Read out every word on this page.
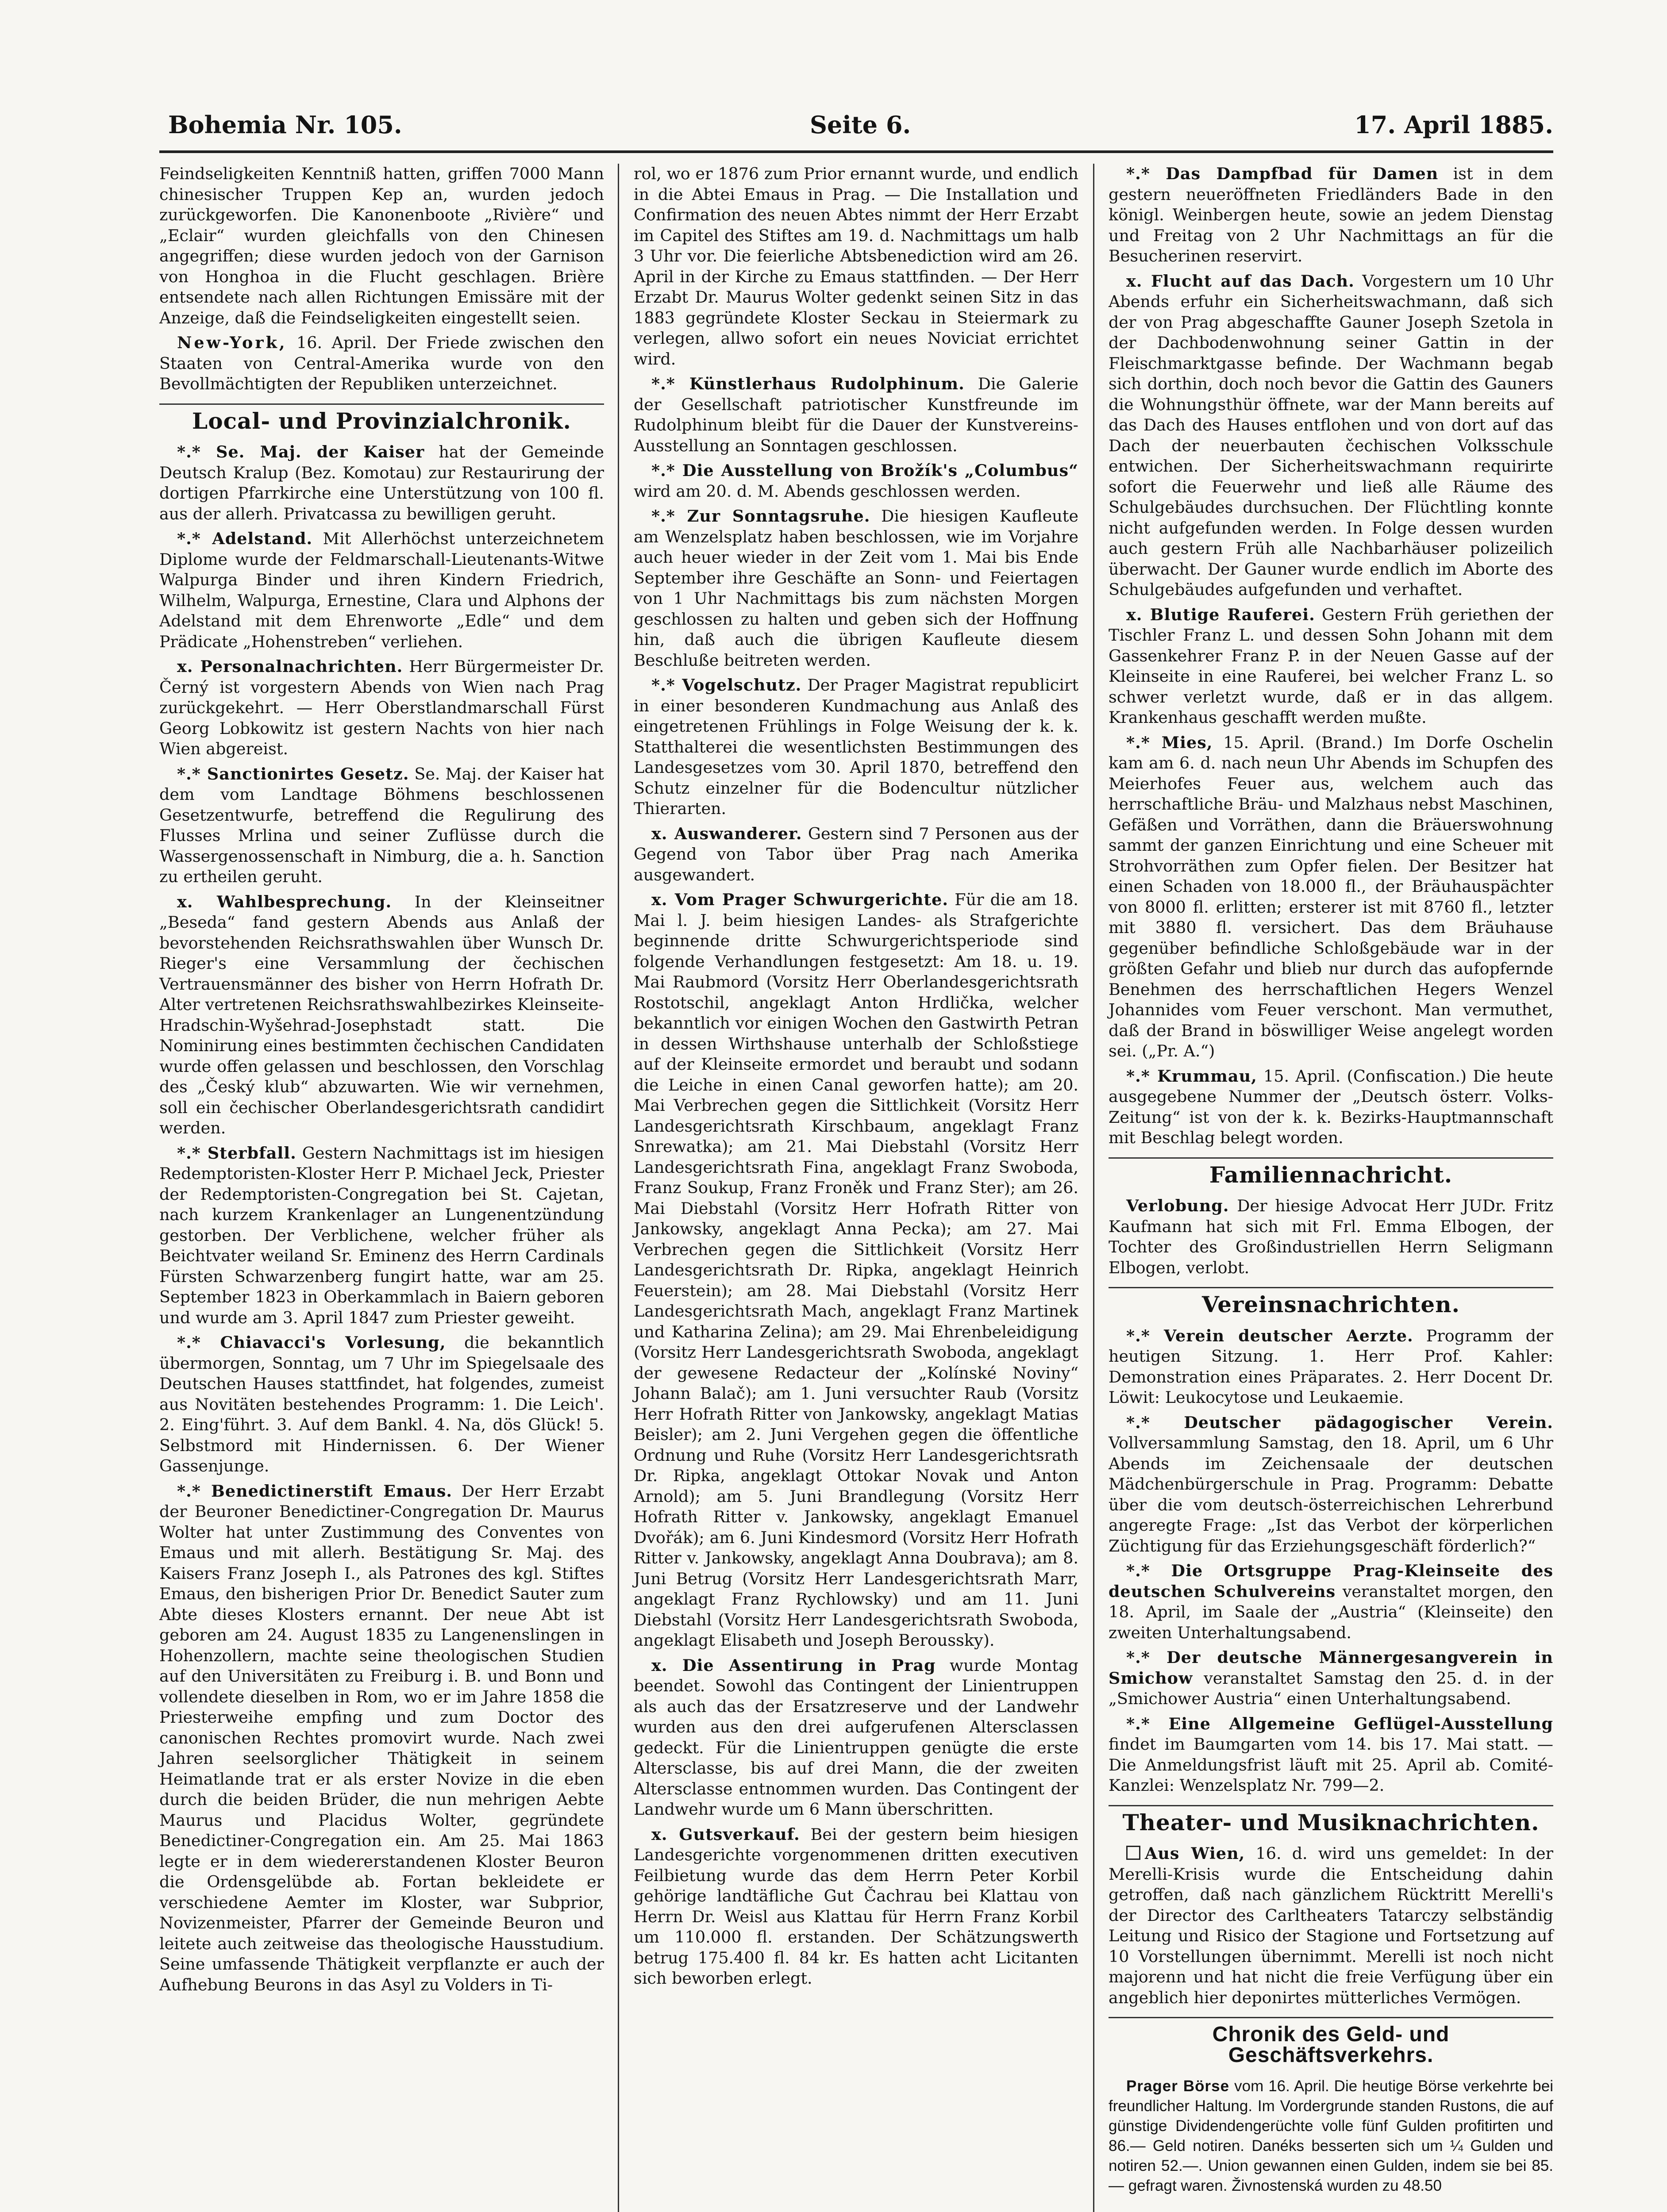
Bohemia Nr. 105.	Seite 6.	17. April 1885.

Feindseligkeiten Kenntniß hatten, griffen 7000 Mann chinesischer Truppen Kep an, wurden jedoch zurückgeworfen. Die Kanonenboote „Rivière“ und „Eclair“ wurden gleichfalls von den Chinesen angegriffen; diese wurden jedoch von der Garnison von Honghoa in die Flucht geschlagen. Brière entsendete nach allen Richtungen Emissäre mit der Anzeige, daß die Feindseligkeiten eingestellt seien.

New-York, 16. April. Der Friede zwischen den Staaten von Central-Amerika wurde von den Bevollmächtigten der Republiken unterzeichnet.

Local- und Provinzialchronik.

*.* Se. Maj. der Kaiser hat der Gemeinde Deutsch Kralup (Bez. Komotau) zur Restaurirung der dortigen Pfarrkirche eine Unterstützung von 100 fl. aus der allerh. Privatcassa zu bewilligen geruht.

*.* Adelstand. Mit Allerhöchst unterzeichnetem Diplome wurde der Feldmarschall-Lieutenants-Witwe Walpurga Binder und ihren Kindern Friedrich, Wilhelm, Walpurga, Ernestine, Clara und Alphons der Adelstand mit dem Ehrenworte „Edle“ und dem Prädicate „Hohenstreben“ verliehen.

x. Personalnachrichten. Herr Bürgermeister Dr. Černý ist vorgestern Abends von Wien nach Prag zurückgekehrt. — Herr Oberstlandmarschall Fürst Georg Lobkowitz ist gestern Nachts von hier nach Wien abgereist.

*.* Sanctionirtes Gesetz. Se. Maj. der Kaiser hat dem vom Landtage Böhmens beschlossenen Gesetzentwurfe, betreffend die Regulirung des Flusses Mrlina und seiner Zuflüsse durch die Wassergenossenschaft in Nimburg, die a. h. Sanction zu ertheilen geruht.

x. Wahlbesprechung. In der Kleinseitner „Beseda“ fand gestern Abends aus Anlaß der bevorstehenden Reichsrathswahlen über Wunsch Dr. Rieger's eine Versammlung der čechischen Vertrauensmänner des bisher von Herrn Hofrath Dr. Alter vertretenen Reichsrathswahlbezirkes Kleinseite-Hradschin-Wyšehrad-Josephstadt statt. Die Nominirung eines bestimmten čechischen Candidaten wurde offen gelassen und beschlossen, den Vorschlag des „Český klub“ abzuwarten. Wie wir vernehmen, soll ein čechischer Oberlandesgerichtsrath candidirt werden.

*.* Sterbfall. Gestern Nachmittags ist im hiesigen Redemptoristen-Kloster Herr P. Michael Jeck, Priester der Redemptoristen-Congregation bei St. Cajetan, nach kurzem Krankenlager an Lungenentzündung gestorben. Der Verblichene, welcher früher als Beichtvater weiland Sr. Eminenz des Herrn Cardinals Fürsten Schwarzenberg fungirt hatte, war am 25. September 1823 in Oberkammlach in Baiern geboren und wurde am 3. April 1847 zum Priester geweiht.

*.* Chiavacci's Vorlesung, die bekanntlich übermorgen, Sonntag, um 7 Uhr im Spiegelsaale des Deutschen Hauses stattfindet, hat folgendes, zumeist aus Novitäten bestehendes Programm: 1. Die Leich'. 2. Eing'führt. 3. Auf dem Bankl. 4. Na, dös Glück! 5. Selbstmord mit Hindernissen. 6. Der Wiener Gassenjunge.

*.* Benedictinerstift Emaus. Der Herr Erzabt der Beuroner Benedictiner-Congregation Dr. Maurus Wolter hat unter Zustimmung des Conventes von Emaus und mit allerh. Bestätigung Sr. Maj. des Kaisers Franz Joseph I., als Patrones des kgl. Stiftes Emaus, den bisherigen Prior Dr. Benedict Sauter zum Abte dieses Klosters ernannt. Der neue Abt ist geboren am 24. August 1835 zu Langenenslingen in Hohenzollern, machte seine theologischen Studien auf den Universitäten zu Freiburg i. B. und Bonn und vollendete dieselben in Rom, wo er im Jahre 1858 die Priesterweihe empfing und zum Doctor des canonischen Rechtes promovirt wurde. Nach zwei Jahren seelsorglicher Thätigkeit in seinem Heimatlande trat er als erster Novize in die eben durch die beiden Brüder, die nun mehrigen Aebte Maurus und Placidus Wolter, gegründete Benedictiner-Congregation ein. Am 25. Mai 1863 legte er in dem wiedererstandenen Kloster Beuron die Ordensgelübde ab. Fortan bekleidete er verschiedene Aemter im Kloster, war Subprior, Novizenmeister, Pfarrer der Gemeinde Beuron und leitete auch zeitweise das theologische Hausstudium. Seine umfassende Thätigkeit verpflanzte er auch der Aufhebung Beurons in das Asyl zu Volders in Ti-

rol, wo er 1876 zum Prior ernannt wurde, und endlich in die Abtei Emaus in Prag. — Die Installation und Confirmation des neuen Abtes nimmt der Herr Erzabt im Capitel des Stiftes am 19. d. Nachmittags um halb 3 Uhr vor. Die feierliche Abtsbenediction wird am 26. April in der Kirche zu Emaus stattfinden. — Der Herr Erzabt Dr. Maurus Wolter gedenkt seinen Sitz in das 1883 gegründete Kloster Seckau in Steiermark zu verlegen, allwo sofort ein neues Noviciat errichtet wird.

*.* Künstlerhaus Rudolphinum. Die Galerie der Gesellschaft patriotischer Kunstfreunde im Rudolphinum bleibt für die Dauer der Kunstvereins-Ausstellung an Sonntagen geschlossen.

*.* Die Ausstellung von Brožík's „Columbus“ wird am 20. d. M. Abends geschlossen werden.

*.* Zur Sonntagsruhe. Die hiesigen Kaufleute am Wenzelsplatz haben beschlossen, wie im Vorjahre auch heuer wieder in der Zeit vom 1. Mai bis Ende September ihre Geschäfte an Sonn- und Feiertagen von 1 Uhr Nachmittags bis zum nächsten Morgen geschlossen zu halten und geben sich der Hoffnung hin, daß auch die übrigen Kaufleute diesem Beschluße beitreten werden.

*.* Vogelschutz. Der Prager Magistrat republicirt in einer besonderen Kundmachung aus Anlaß des eingetretenen Frühlings in Folge Weisung der k. k. Statthalterei die wesentlichsten Bestimmungen des Landesgesetzes vom 30. April 1870, betreffend den Schutz einzelner für die Bodencultur nützlicher Thierarten.

x. Auswanderer. Gestern sind 7 Personen aus der Gegend von Tabor über Prag nach Amerika ausgewandert.

x. Vom Prager Schwurgerichte. Für die am 18. Mai l. J. beim hiesigen Landes- als Strafgerichte beginnende dritte Schwurgerichtsperiode sind folgende Verhandlungen festgesetzt: Am 18. u. 19. Mai Raubmord (Vorsitz Herr Oberlandesgerichtsrath Rostotschil, angeklagt Anton Hrdlička, welcher bekanntlich vor einigen Wochen den Gastwirth Petran in dessen Wirthshause unterhalb der Schloßstiege auf der Kleinseite ermordet und beraubt und sodann die Leiche in einen Canal geworfen hatte); am 20. Mai Verbrechen gegen die Sittlichkeit (Vorsitz Herr Landesgerichtsrath Kirschbaum, angeklagt Franz Snrewatka); am 21. Mai Diebstahl (Vorsitz Herr Landesgerichtsrath Fina, angeklagt Franz Swoboda, Franz Soukup, Franz Froněk und Franz Ster); am 26. Mai Diebstahl (Vorsitz Herr Hofrath Ritter von Jankowsky, angeklagt Anna Pecka); am 27. Mai Verbrechen gegen die Sittlichkeit (Vorsitz Herr Landesgerichtsrath Dr. Ripka, angeklagt Heinrich Feuerstein); am 28. Mai Diebstahl (Vorsitz Herr Landesgerichtsrath Mach, angeklagt Franz Martinek und Katharina Zelina); am 29. Mai Ehrenbeleidigung (Vorsitz Herr Landesgerichtsrath Swoboda, angeklagt der gewesene Redacteur der „Kolínské Noviny“ Johann Balač); am 1. Juni versuchter Raub (Vorsitz Herr Hofrath Ritter von Jankowsky, angeklagt Matias Beisler); am 2. Juni Vergehen gegen die öffentliche Ordnung und Ruhe (Vorsitz Herr Landesgerichtsrath Dr. Ripka, angeklagt Ottokar Novak und Anton Arnold); am 5. Juni Brandlegung (Vorsitz Herr Hofrath Ritter v. Jankowsky, angeklagt Emanuel Dvořák); am 6. Juni Kindesmord (Vorsitz Herr Hofrath Ritter v. Jankowsky, angeklagt Anna Doubrava); am 8. Juni Betrug (Vorsitz Herr Landesgerichtsrath Marr, angeklagt Franz Rychlowsky) und am 11. Juni Diebstahl (Vorsitz Herr Landesgerichtsrath Swoboda, angeklagt Elisabeth und Joseph Beroussky).

x. Die Assentirung in Prag wurde Montag beendet. Sowohl das Contingent der Linientruppen als auch das der Ersatzreserve und der Landwehr wurden aus den drei aufgerufenen Altersclassen gedeckt. Für die Linientruppen genügte die erste Altersclasse, bis auf drei Mann, die der zweiten Altersclasse entnommen wurden. Das Contingent der Landwehr wurde um 6 Mann überschritten.

x. Gutsverkauf. Bei der gestern beim hiesigen Landesgerichte vorgenommenen dritten executiven Feilbietung wurde das dem Herrn Peter Korbil gehörige landtäfliche Gut Čachrau bei Klattau von Herrn Dr. Weisl aus Klattau für Herrn Franz Korbil um 110.000 fl. erstanden. Der Schätzungswerth betrug 175.400 fl. 84 kr. Es hatten acht Licitanten sich beworben erlegt.

*.* Das Dampfbad für Damen ist in dem gestern neueröffneten Friedländers Bade in den königl. Weinbergen heute, sowie an jedem Dienstag und Freitag von 2 Uhr Nachmittags an für die Besucherinen reservirt.

x. Flucht auf das Dach. Vorgestern um 10 Uhr Abends erfuhr ein Sicherheitswachmann, daß sich der von Prag abgeschaffte Gauner Joseph Szetola in der Dachbodenwohnung seiner Gattin in der Fleischmarktgasse befinde. Der Wachmann begab sich dorthin, doch noch bevor die Gattin des Gauners die Wohnungsthür öffnete, war der Mann bereits auf das Dach des Hauses entflohen und von dort auf das Dach der neuerbauten čechischen Volksschule entwichen. Der Sicherheitswachmann requirirte sofort die Feuerwehr und ließ alle Räume des Schulgebäudes durchsuchen. Der Flüchtling konnte nicht aufgefunden werden. In Folge dessen wurden auch gestern Früh alle Nachbarhäuser polizeilich überwacht. Der Gauner wurde endlich im Aborte des Schulgebäudes aufgefunden und verhaftet.

x. Blutige Rauferei. Gestern Früh geriethen der Tischler Franz L. und dessen Sohn Johann mit dem Gassenkehrer Franz P. in der Neuen Gasse auf der Kleinseite in eine Rauferei, bei welcher Franz L. so schwer verletzt wurde, daß er in das allgem. Krankenhaus geschafft werden mußte.

*.* Mies, 15. April. (Brand.) Im Dorfe Oschelin kam am 6. d. nach neun Uhr Abends im Schupfen des Meierhofes Feuer aus, welchem auch das herrschaftliche Bräu- und Malzhaus nebst Maschinen, Gefäßen und Vorräthen, dann die Bräuerswohnung sammt der ganzen Einrichtung und eine Scheuer mit Strohvorräthen zum Opfer fielen. Der Besitzer hat einen Schaden von 18.000 fl., der Bräuhauspächter von 8000 fl. erlitten; ersterer ist mit 8760 fl., letzter mit 3880 fl. versichert. Das dem Bräuhause gegenüber befindliche Schloßgebäude war in der größten Gefahr und blieb nur durch das aufopfernde Benehmen des herrschaftlichen Hegers Wenzel Johannides vom Feuer verschont. Man vermuthet, daß der Brand in böswilliger Weise angelegt worden sei. („Pr. A.“)

*.* Krummau, 15. April. (Confiscation.) Die heute ausgegebene Nummer der „Deutsch österr. Volks-Zeitung“ ist von der k. k. Bezirks-Hauptmannschaft mit Beschlag belegt worden.

Familiennachricht.

Verlobung. Der hiesige Advocat Herr JUDr. Fritz Kaufmann hat sich mit Frl. Emma Elbogen, der Tochter des Großindustriellen Herrn Seligmann Elbogen, verlobt.

Vereinsnachrichten.

*.* Verein deutscher Aerzte. Programm der heutigen Sitzung. 1. Herr Prof. Kahler: Demonstration eines Präparates. 2. Herr Docent Dr. Löwit: Leukocytose und Leukaemie.

*.* Deutscher pädagogischer Verein. Vollversammlung Samstag, den 18. April, um 6 Uhr Abends im Zeichensaale der deutschen Mädchenbürgerschule in Prag. Programm: Debatte über die vom deutsch-österreichischen Lehrerbund angeregte Frage: „Ist das Verbot der körperlichen Züchtigung für das Erziehungsgeschäft förderlich?“

*.* Die Ortsgruppe Prag-Kleinseite des deutschen Schulvereins veranstaltet morgen, den 18. April, im Saale der „Austria“ (Kleinseite) den zweiten Unterhaltungsabend.

*.* Der deutsche Männergesangverein in Smichow veranstaltet Samstag den 25. d. in der „Smichower Austria“ einen Unterhaltungsabend.

*.* Eine Allgemeine Geflügel-Ausstellung findet im Baumgarten vom 14. bis 17. Mai statt. — Die Anmeldungsfrist läuft mit 25. April ab. Comité-Kanzlei: Wenzelsplatz Nr. 799—2.

Theater- und Musiknachrichten.

Aus Wien, 16. d. wird uns gemeldet: In der Merelli-Krisis wurde die Entscheidung dahin getroffen, daß nach gänzlichem Rücktritt Merelli's der Director des Carltheaters Tatarczy selbständig Leitung und Risico der Stagione und Fortsetzung auf 10 Vorstellungen übernimmt. Merelli ist noch nicht majorenn und hat nicht die freie Verfügung über ein angeblich hier deponirtes mütterliches Vermögen.

Chronik des Geld- und Geschäftsverkehrs.

Prager Börse vom 16. April. Die heutige Börse verkehrte bei freundlicher Haltung. Im Vordergrunde standen Rustons, die auf günstige Dividendengerüchte volle fünf Gulden profitirten und 86.— Geld notiren. Danéks besserten sich um ¼ Gulden und notiren 52.—. Union gewannen einen Gulden, indem sie bei 85.— gefragt waren. Živnostenská wurden zu 48.50
